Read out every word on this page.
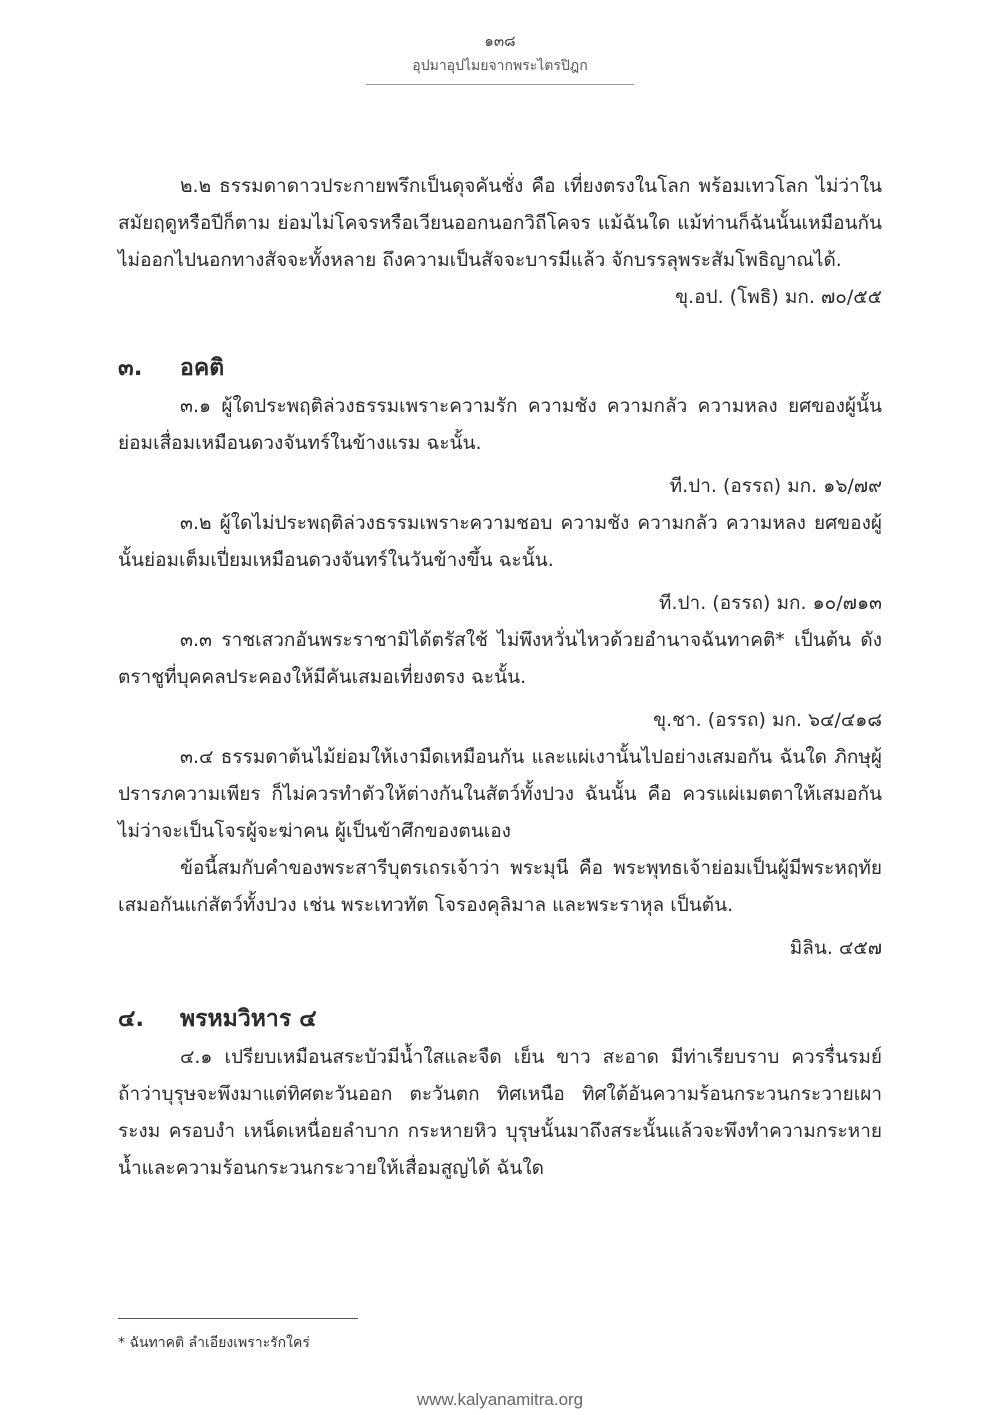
๑๓๘
อุปมาอุปไมยจากพระไตรปิฎก

๒.๒ ธรรมดาดาวประกายพรึกเป็นดุจคันชั่ง คือ เที่ยงตรงในโลก พร้อมเทวโลก ไม่ว่าในสมัยฤดูหรือปีก็ตาม ย่อมไม่โคจรหรือเวียนออกนอกวิถีโคจร แม้ฉันใด แม้ท่านก็ฉันนั้นเหมือนกัน ไม่ออกไปนอกทางสัจจะทั้งหลาย ถึงความเป็นสัจจะบารมีแล้ว จักบรรลุพระสัมโพธิญาณได้.

ขุ.อป. (โพธิ) มก. ๗๐/๕๕

๓.	อคติ

๓.๑ ผู้ใดประพฤติล่วงธรรมเพราะความรัก ความชัง ความกลัว ความหลง ยศของผู้นั้นย่อมเสื่อมเหมือนดวงจันทร์ในข้างแรม ฉะนั้น.

ที.ปา. (อรรถ) มก. ๑๖/๗๙

๓.๒ ผู้ใดไม่ประพฤติล่วงธรรมเพราะความชอบ ความชัง ความกลัว ความหลง ยศของผู้นั้นย่อมเต็มเปี่ยมเหมือนดวงจันทร์ในวันข้างขึ้น ฉะนั้น.

ที.ปา. (อรรถ) มก. ๑๐/๗๑๓

๓.๓ ราชเสวกอันพระราชามิได้ตรัสใช้ ไม่พึงหวั่นไหวด้วยอำนาจฉันทาคติ* เป็นต้น ดังตราชูที่บุคคลประคองให้มีคันเสมอเที่ยงตรง ฉะนั้น.

ขุ.ชา. (อรรถ) มก. ๖๔/๔๑๘

๓.๔ ธรรมดาต้นไม้ย่อมให้เงามืดเหมือนกัน และแผ่เงานั้นไปอย่างเสมอกัน ฉันใด ภิกษุผู้ปรารภความเพียร ก็ไม่ควรทำตัวให้ต่างกันในสัตว์ทั้งปวง ฉันนั้น คือ ควรแผ่เมตตาให้เสมอกันไม่ว่าจะเป็นโจรผู้จะฆ่าคน ผู้เป็นข้าศึกของตนเอง

ข้อนี้สมกับคำของพระสารีบุตรเถรเจ้าว่า พระมุนี คือ พระพุทธเจ้าย่อมเป็นผู้มีพระหฤทัยเสมอกันแก่สัตว์ทั้งปวง เช่น พระเทวทัต โจรองคุลิมาล และพระราหุล เป็นต้น.

มิลิน. ๔๕๗

๔.	พรหมวิหาร ๔

๔.๑ เปรียบเหมือนสระบัวมีน้ำใสและจืด เย็น ขาว สะอาด มีท่าเรียบราบ ควรรื่นรมย์ ถ้าว่าบุรุษจะพึงมาแต่ทิศตะวันออก ตะวันตก ทิศเหนือ ทิศใต้อันความร้อนกระวนกระวายเผาระงม ครอบงำ เหน็ดเหนื่อยลำบาก กระหายหิว บุรุษนั้นมาถึงสระนั้นแล้วจะพึงทำความกระหาย น้ำและความร้อนกระวนกระวายให้เสื่อมสูญได้ ฉันใด

* ฉันทาคติ ลำเอียงเพราะรักใคร่
www.kalyanamitra.org
